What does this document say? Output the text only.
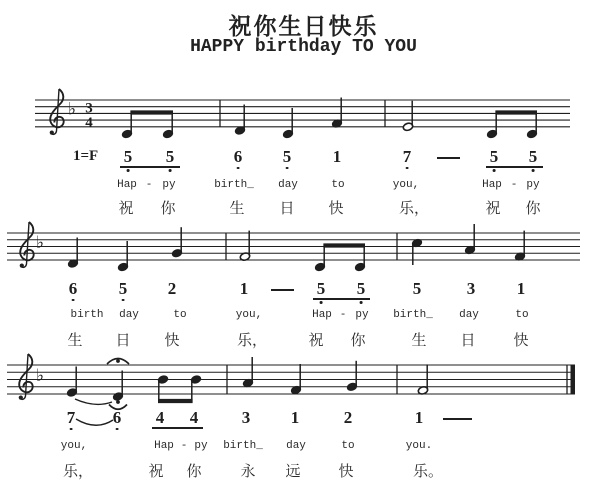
祝你生日快乐
HAPPY birthday TO YOU
♭ 3
4
♭
♭
1=F 5 5	6 5 1	7	5 5
Hap - py	birth_ day	to	you,	Hap - py
祝 你	生 日 快	乐，	祝 你
6 5 2	1	5 5	5	3 1
birth day	to	you,	Hap - py birth_ day	to
生 日 快	乐，	祝 你	生 日	快
7 6 4 4	3 1	2	1
you,	Hap - py birth_ day	to	you.
乐，	祝 你	永 远	快	乐。
